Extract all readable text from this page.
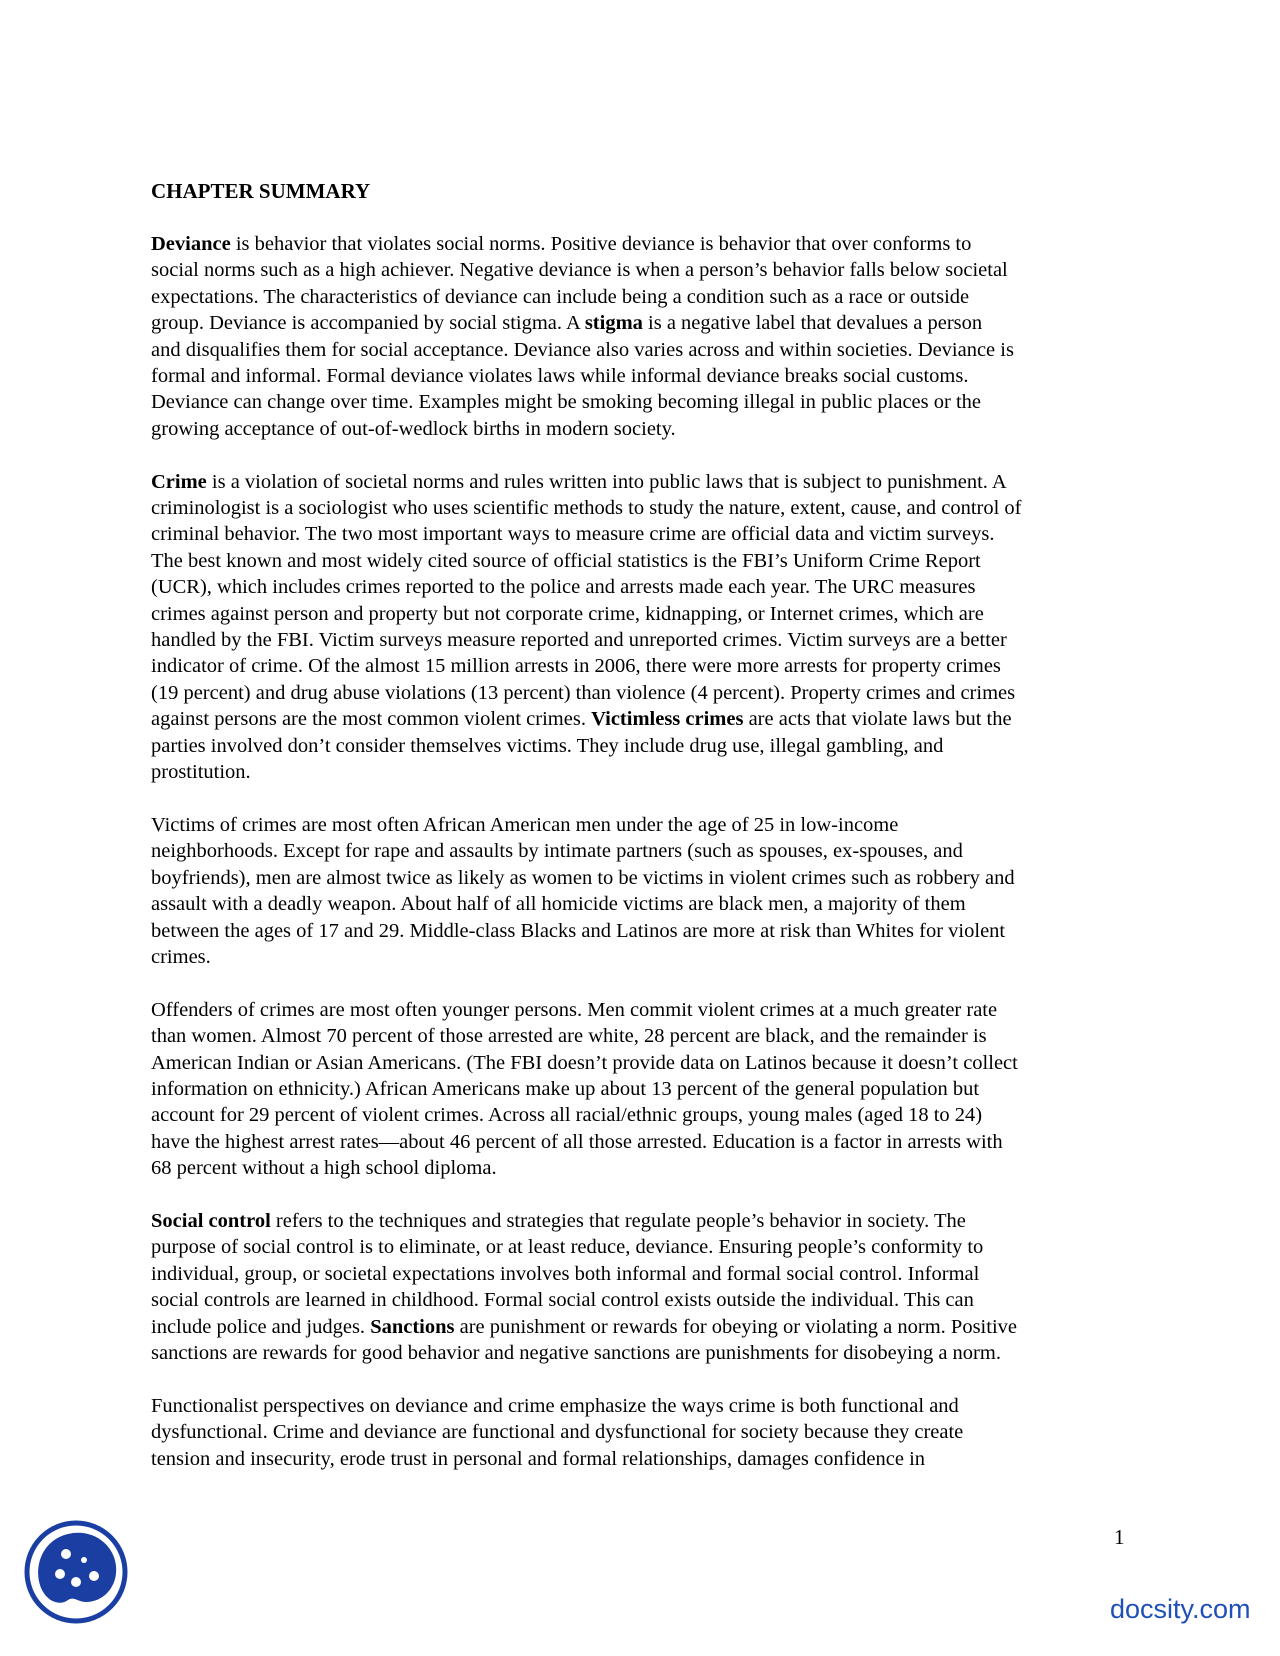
CHAPTER SUMMARY
Deviance is behavior that violates social norms. Positive deviance is behavior that over conforms to
social norms such as a high achiever. Negative deviance is when a person’s behavior falls below societal
expectations. The characteristics of deviance can include being a condition such as a race or outside
group. Deviance is accompanied by social stigma. A stigma is a negative label that devalues a person
and disqualifies them for social acceptance. Deviance also varies across and within societies. Deviance is
formal and informal. Formal deviance violates laws while informal deviance breaks social customs.
Deviance can change over time. Examples might be smoking becoming illegal in public places or the
growing acceptance of out-of-wedlock births in modern society.
Crime is a violation of societal norms and rules written into public laws that is subject to punishment. A
criminologist is a sociologist who uses scientific methods to study the nature, extent, cause, and control of
criminal behavior. The two most important ways to measure crime are official data and victim surveys.
The best known and most widely cited source of official statistics is the FBI’s Uniform Crime Report
(UCR), which includes crimes reported to the police and arrests made each year. The URC measures
crimes against person and property but not corporate crime, kidnapping, or Internet crimes, which are
handled by the FBI. Victim surveys measure reported and unreported crimes. Victim surveys are a better
indicator of crime. Of the almost 15 million arrests in 2006, there were more arrests for property crimes
(19 percent) and drug abuse violations (13 percent) than violence (4 percent). Property crimes and crimes
against persons are the most common violent crimes. Victimless crimes are acts that violate laws but the
parties involved don’t consider themselves victims. They include drug use, illegal gambling, and
prostitution.
Victims of crimes are most often African American men under the age of 25 in low-income
neighborhoods. Except for rape and assaults by intimate partners (such as spouses, ex-spouses, and
boyfriends), men are almost twice as likely as women to be victims in violent crimes such as robbery and
assault with a deadly weapon. About half of all homicide victims are black men, a majority of them
between the ages of 17 and 29. Middle-class Blacks and Latinos are more at risk than Whites for violent
crimes.
Offenders of crimes are most often younger persons. Men commit violent crimes at a much greater rate
than women. Almost 70 percent of those arrested are white, 28 percent are black, and the remainder is
American Indian or Asian Americans. (The FBI doesn’t provide data on Latinos because it doesn’t collect
information on ethnicity.) African Americans make up about 13 percent of the general population but
account for 29 percent of violent crimes. Across all racial/ethnic groups, young males (aged 18 to 24)
have the highest arrest rates—about 46 percent of all those arrested. Education is a factor in arrests with
68 percent without a high school diploma.
Social control refers to the techniques and strategies that regulate people’s behavior in society. The
purpose of social control is to eliminate, or at least reduce, deviance. Ensuring people’s conformity to
individual, group, or societal expectations involves both informal and formal social control. Informal
social controls are learned in childhood. Formal social control exists outside the individual. This can
include police and judges. Sanctions are punishment or rewards for obeying or violating a norm. Positive
sanctions are rewards for good behavior and negative sanctions are punishments for disobeying a norm.
Functionalist perspectives on deviance and crime emphasize the ways crime is both functional and
dysfunctional. Crime and deviance are functional and dysfunctional for society because they create
tension and insecurity, erode trust in personal and formal relationships, damages confidence in
1
docsity.com
